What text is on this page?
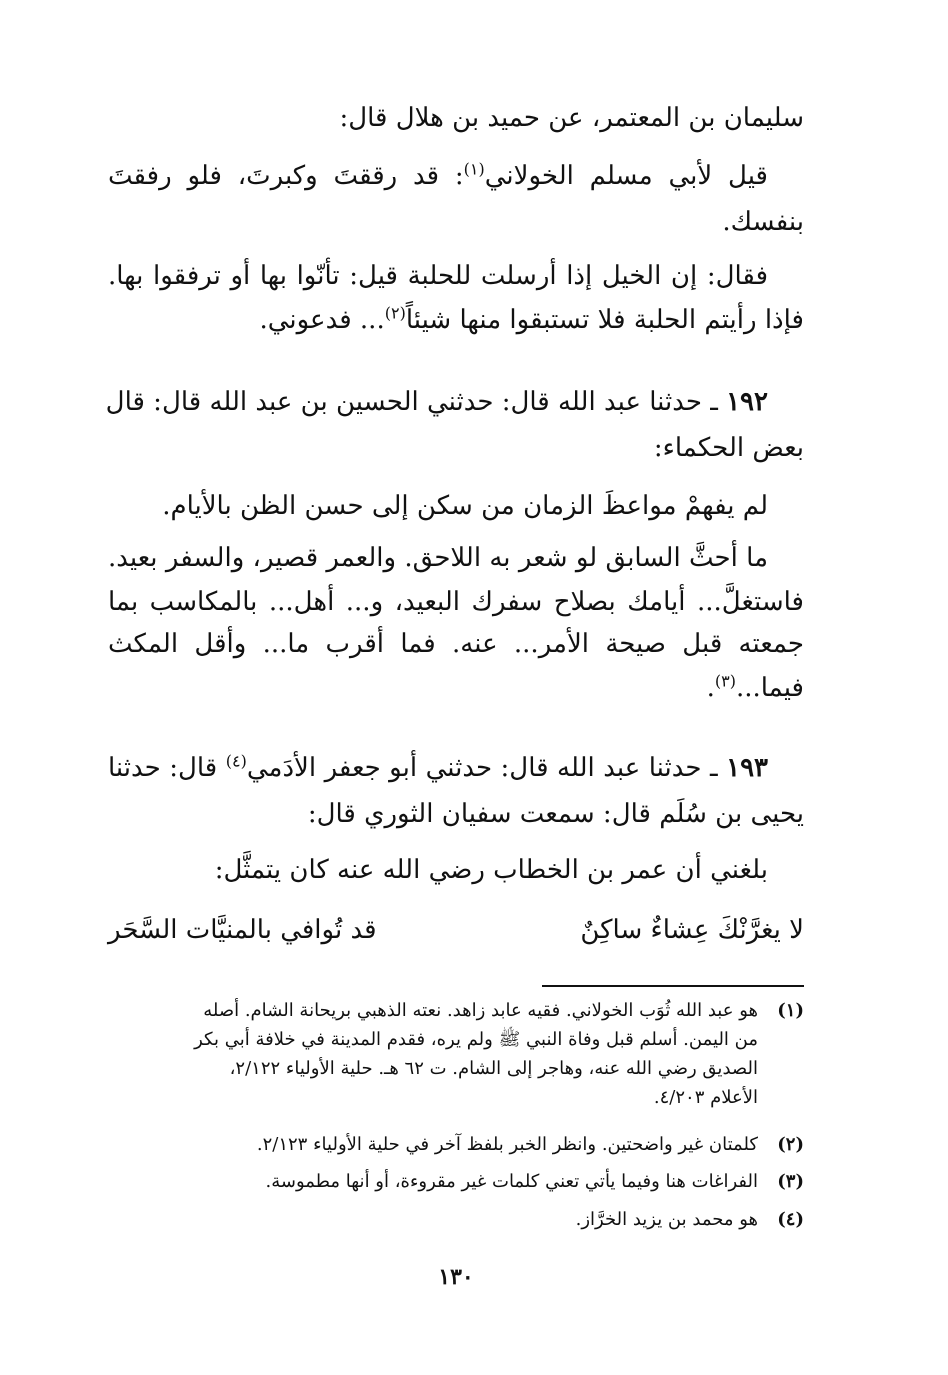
سليمان بن المعتمر، عن حميد بن هلال قال:
قيل لأبي مسلم الخولاني$^{(١)}$: قد رققتَ وكبرتَ، فلو رفقتَ
بنفسك.
فقال: إن الخيل إذا أرسلت للحلبة قيل: تأنّوا بها أو ترفقوا بها.
فإذا رأيتم الحلبة فلا تستبقوا منها شيئاً$^{(٢)}$... فدعوني.
١٩٢ ـ حدثنا عبد الله قال: حدثني الحسين بن عبد الله قال: قال
بعض الحكماء:
لم يفهمْ مواعظَ الزمان من سكن إلى حسن الظن بالأيام.
ما أحثَّ السابق لو شعر به اللاحق. والعمر قصير، والسفر بعيد.
فاستغلَّ... أيامك بصلاح سفرك البعيد، و... أهل... بالمكاسب بما
جمعته قبل صيحة الأمر... عنه. فما أقرب ما... وأقل المكث
فيما...$^{(٣)}$.
١٩٣ ـ حدثنا عبد الله قال: حدثني أبو جعفر الأدَمي$^{(٤)}$ قال: حدثنا
يحيى بن سُلَم قال: سمعت سفيان الثوري قال:
بلغني أن عمر بن الخطاب رضي الله عنه كان يتمثَّل:
لا يغرَّنْكَ عِشاءٌ ساكِنٌ
قد تُوافي بالمنيَّات السَّحَر
(١)هو عبد الله ثُوَب الخولاني. فقيه عابد زاهد. نعته الذهبي بريحانة الشام. أصله
من اليمن. أسلم قبل وفاة النبي ﷺ ولم يره، فقدم المدينة في خلافة أبي بكر
الصديق رضي الله عنه، وهاجر إلى الشام. ت ٦٢ هـ. حلية الأولياء ٢/١٢٢،
الأعلام ٤/٢٠٣.
(٢)كلمتان غير واضحتين. وانظر الخبر بلفظ آخر في حلية الأولياء ٢/١٢٣.
(٣)الفراغات هنا وفيما يأتي تعني كلمات غير مقروءة، أو أنها مطموسة.
(٤)هو محمد بن يزيد الخرَّاز.
١٣٠
